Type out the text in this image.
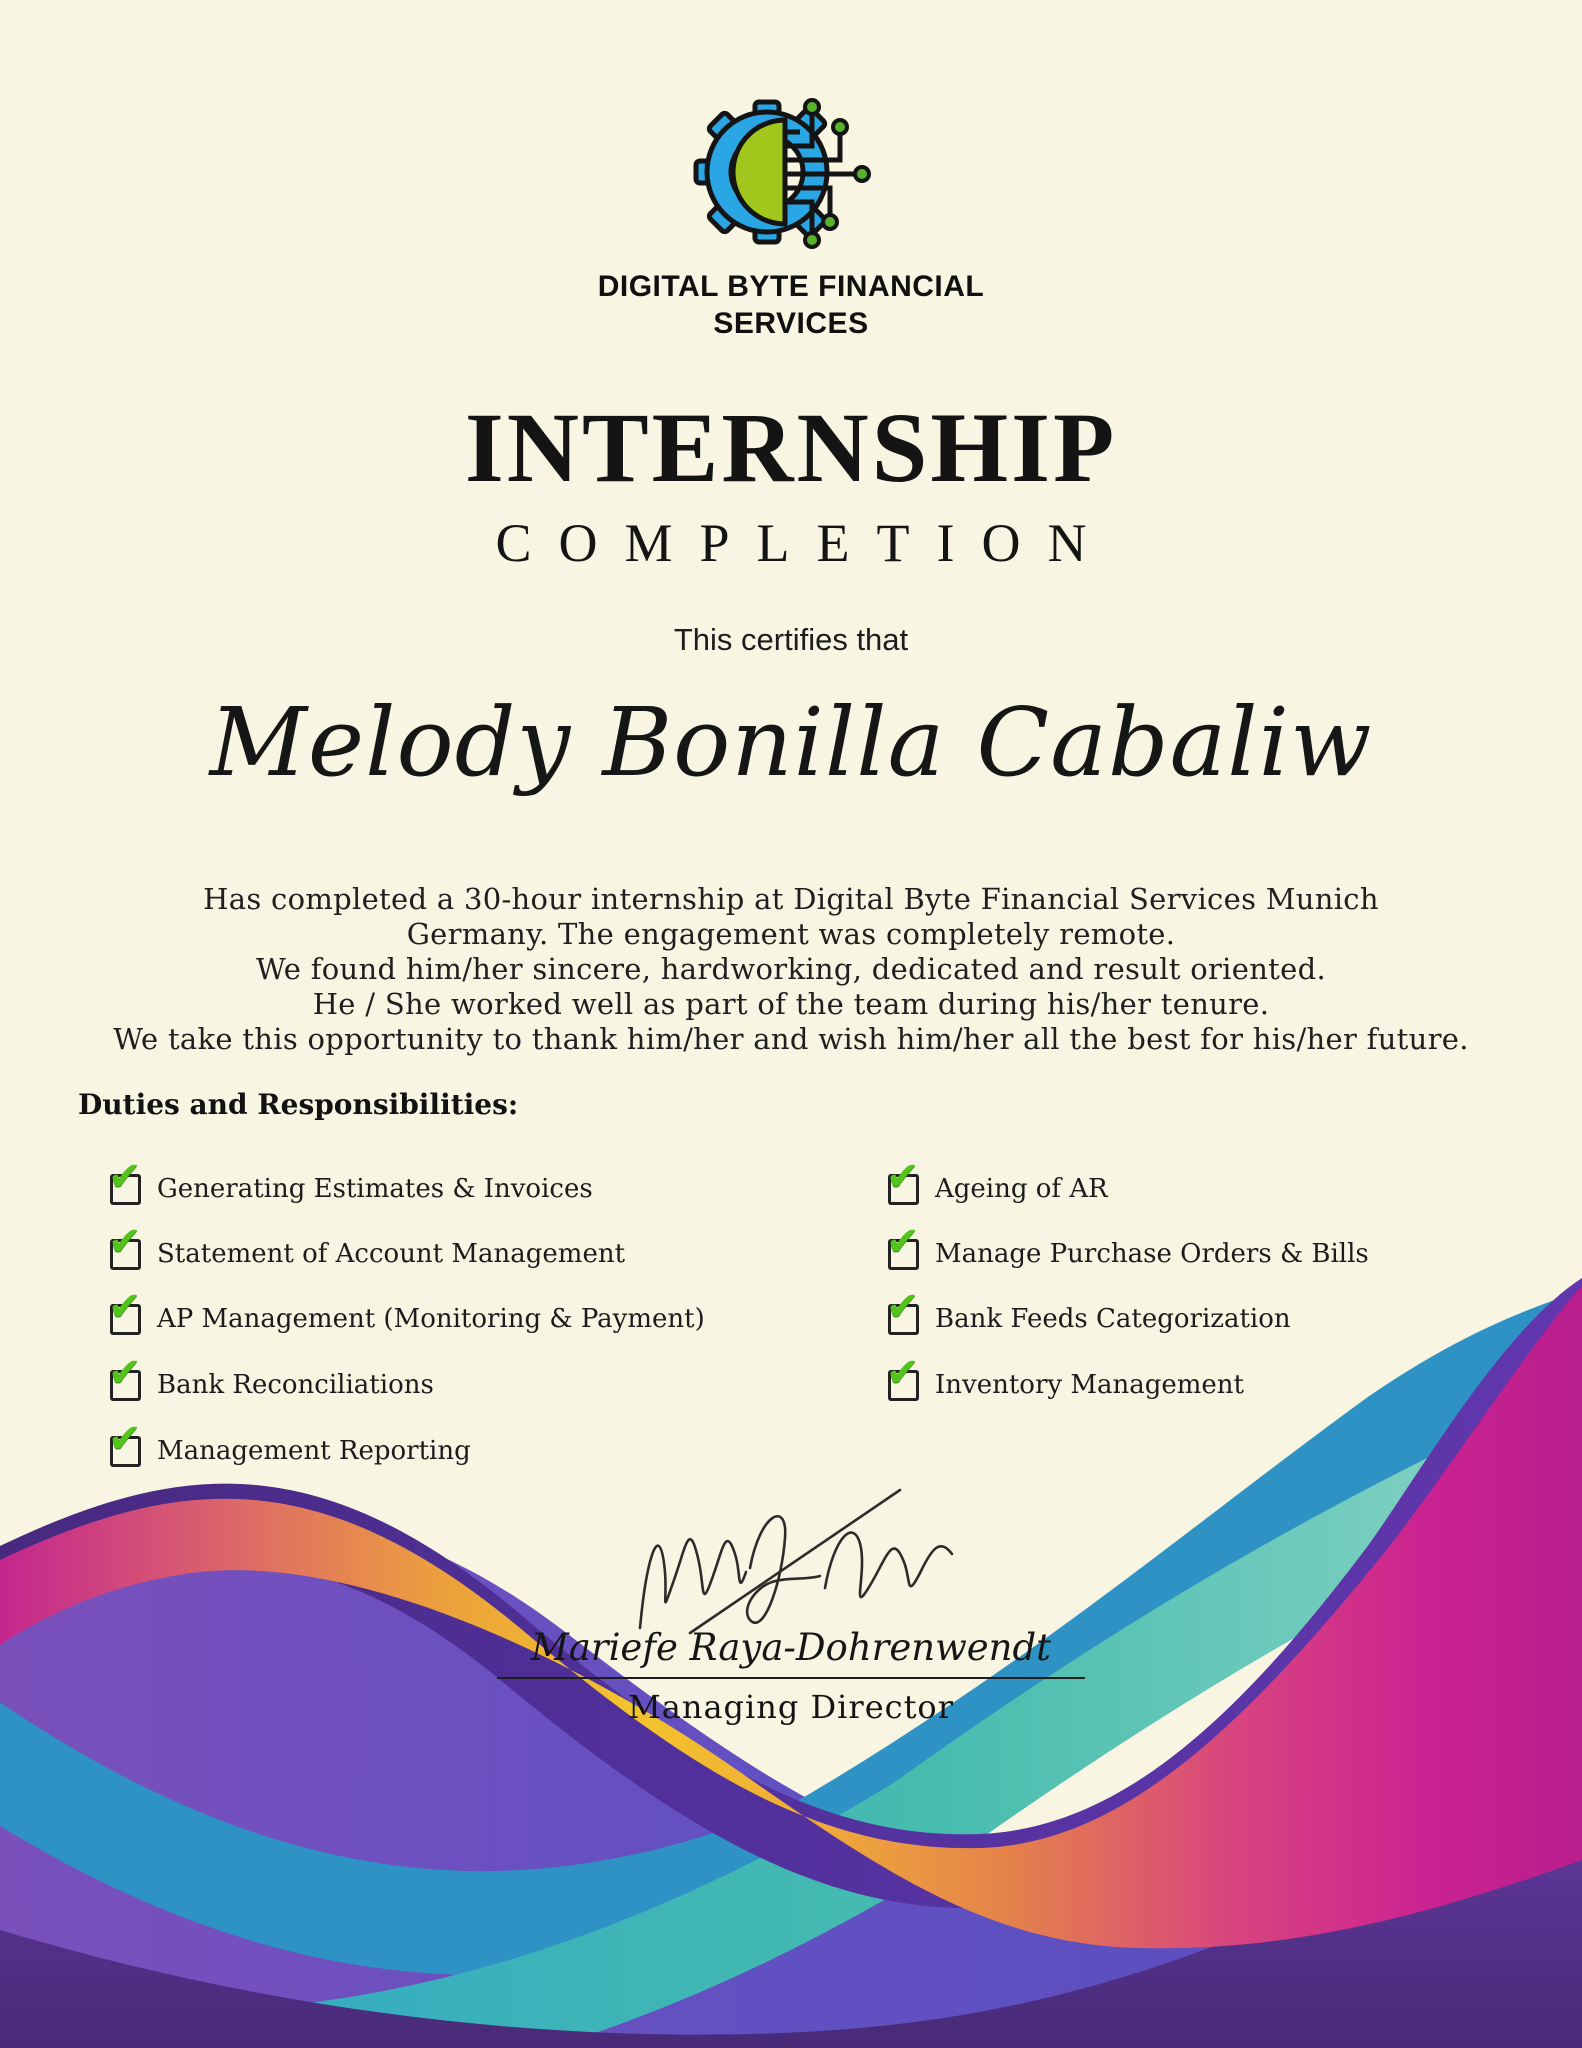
DIGITAL BYTE FINANCIAL
SERVICES
INTERNSHIP
COMPLETION
This certifies that
Melody Bonilla Cabaliw
Has completed a 30-hour internship at Digital Byte Financial Services Munich
Germany. The engagement was completely remote.
We found him/her sincere, hardworking, dedicated and result oriented.
He / She worked well as part of the team during his/her tenure.
We take this opportunity to thank him/her and wish him/her all the best for his/her future.
Duties and Responsibilities:
✔ Generating Estimates & Invoices
✔ Statement of Account Management
✔ AP Management (Monitoring & Payment)
✔ Bank Reconciliations
✔ Management Reporting
✔ Ageing of AR
✔ Manage Purchase Orders & Bills
✔ Bank Feeds Categorization
✔ Inventory Management
Mariefe Raya-Dohrenwendt
Managing Director
